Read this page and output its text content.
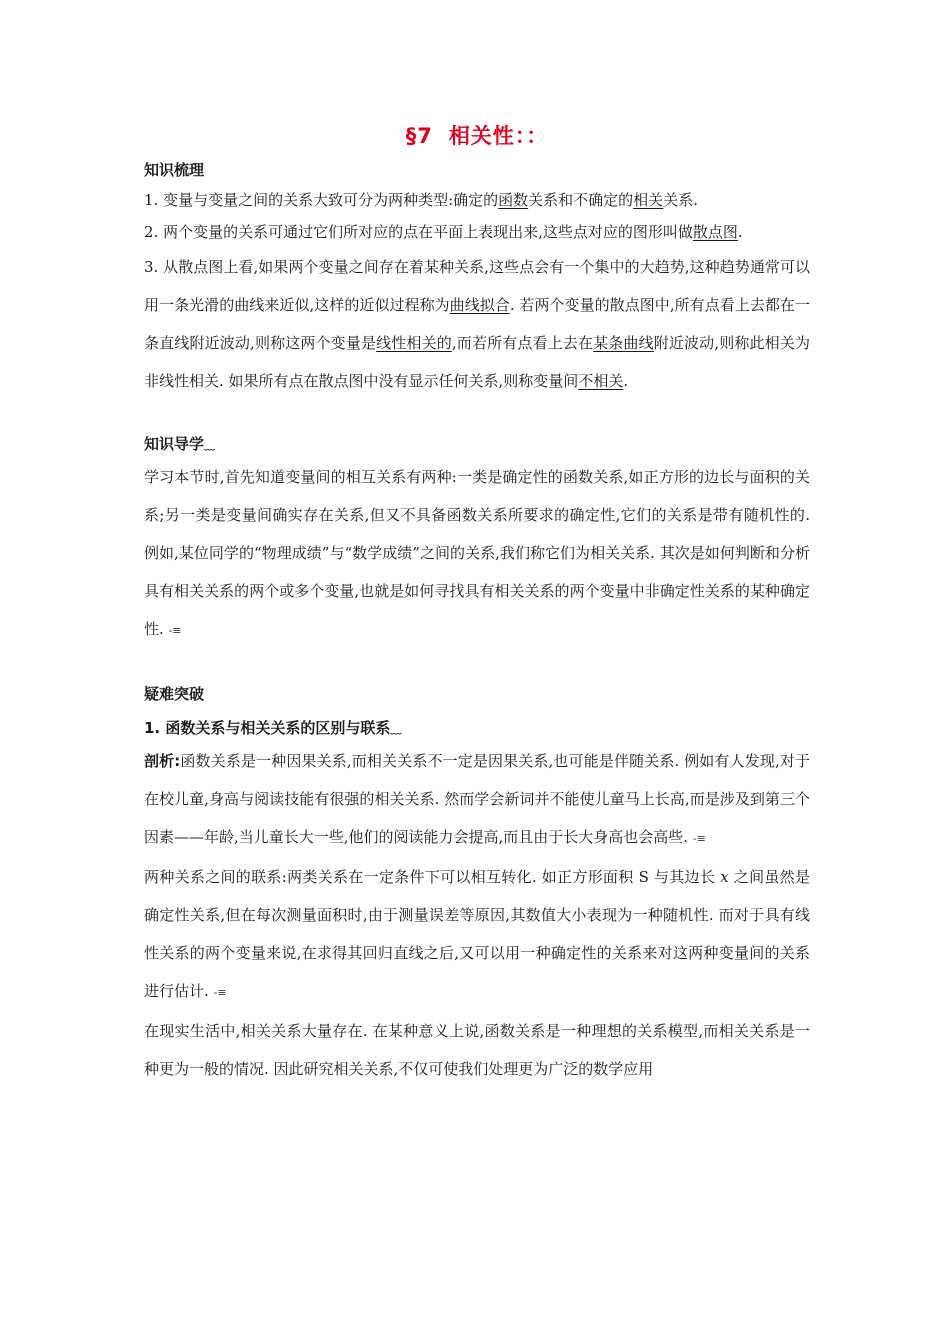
§7 相关性：：
知识梳理
1. 变量与变量之间的关系大致可分为两种类型:确定的函数关系和不确定的相关关系.
2. 两个变量的关系可通过它们所对应的点在平面上表现出来,这些点对应的图形叫做散点图.
3. 从散点图上看,如果两个变量之间存在着某种关系,这些点会有一个集中的大趋势,这种趋势通常可以用一条光滑的曲线来近似,这样的近似过程称为曲线拟合. 若两个变量的散点图中,所有点看上去都在一条直线附近波动,则称这两个变量是线性相关的,而若所有点看上去在某条曲线附近波动,则称此相关为非线性相关. 如果所有点在散点图中没有显示任何关系,则称变量间不相关.
知识导学﹏
学习本节时,首先知道变量间的相互关系有两种:一类是确定性的函数关系,如正方形的边长与面积的关系;另一类是变量间确实存在关系,但又不具备函数关系所要求的确定性,它们的关系是带有随机性的. 例如,某位同学的“物理成绩”与“数学成绩”之间的关系,我们称它们为相关关系. 其次是如何判断和分析具有相关关系的两个或多个变量,也就是如何寻找具有相关关系的两个变量中非确定性关系的某种确定性. -≡
疑难突破
1. 函数关系与相关关系的区别与联系﹏
剖析:函数关系是一种因果关系,而相关关系不一定是因果关系,也可能是伴随关系. 例如有人发现,对于在校儿童,身高与阅读技能有很强的相关关系. 然而学会新词并不能使儿童马上长高,而是涉及到第三个因素——年龄,当儿童长大一些,他们的阅读能力会提高,而且由于长大身高也会高些. -≡
两种关系之间的联系:两类关系在一定条件下可以相互转化. 如正方形面积 S 与其边长 x 之间虽然是确定性关系,但在每次测量面积时,由于测量误差等原因,其数值大小表现为一种随机性. 而对于具有线性关系的两个变量来说,在求得其回归直线之后,又可以用一种确定性的关系来对这两种变量间的关系进行估计. -≡
在现实生活中,相关关系大量存在. 在某种意义上说,函数关系是一种理想的关系模型,而相关关系是一种更为一般的情况. 因此研究相关关系,不仅可使我们处理更为广泛的数学应用
